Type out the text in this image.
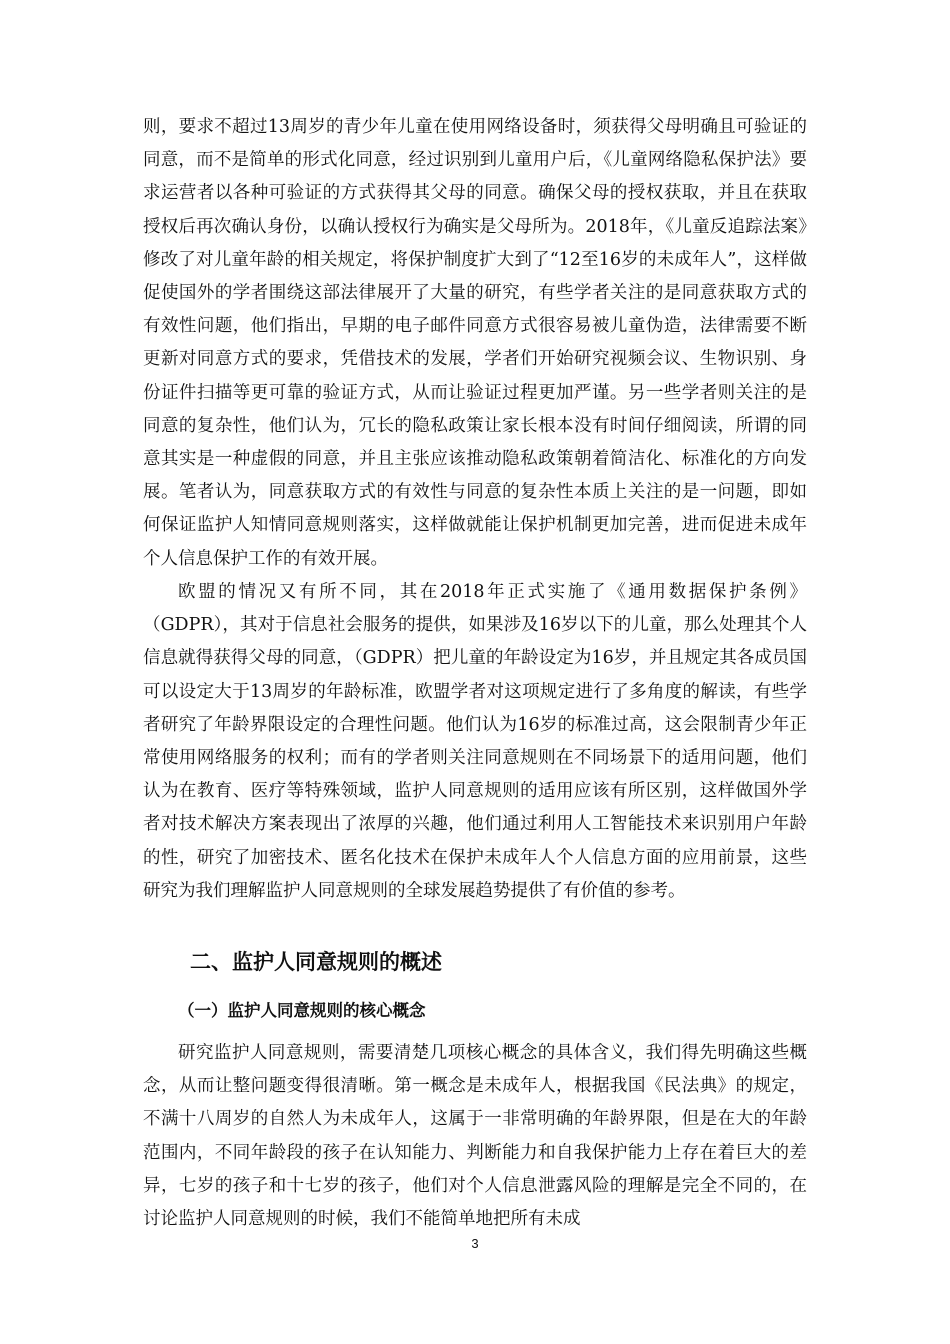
则，要求不超过13周岁的青少年儿童在使用网络设备时，须获得父母明确且可验证的同意，而不是简单的形式化同意，经过识别到儿童用户后，《儿童网络隐私保护法》要求运营者以各种可验证的方式获得其父母的同意。确保父母的授权获取，并且在获取授权后再次确认身份，以确认授权行为确实是父母所为。2018年，《儿童反追踪法案》修改了对儿童年龄的相关规定，将保护制度扩大到了“12至16岁的未成年人”，这样做促使国外的学者围绕这部法律展开了大量的研究，有些学者关注的是同意获取方式的有效性问题，他们指出，早期的电子邮件同意方式很容易被儿童伪造，法律需要不断更新对同意方式的要求，凭借技术的发展，学者们开始研究视频会议、生物识别、身份证件扫描等更可靠的验证方式，从而让验证过程更加严谨。另一些学者则关注的是同意的复杂性，他们认为，冗长的隐私政策让家长根本没有时间仔细阅读，所谓的同意其实是一种虚假的同意，并且主张应该推动隐私政策朝着简洁化、标准化的方向发展。笔者认为，同意获取方式的有效性与同意的复杂性本质上关注的是一问题，即如何保证监护人知情同意规则落实，这样做就能让保护机制更加完善，进而促进未成年个人信息保护工作的有效开展。

欧盟的情况又有所不同，其在2018年正式实施了《通用数据保护条例》（GDPR），其对于信息社会服务的提供，如果涉及16岁以下的儿童，那么处理其个人信息就得获得父母的同意，（GDPR）把儿童的年龄设定为16岁，并且规定其各成员国可以设定大于13周岁的年龄标准，欧盟学者对这项规定进行了多角度的解读，有些学者研究了年龄界限设定的合理性问题。他们认为16岁的标准过高，这会限制青少年正常使用网络服务的权利；而有的学者则关注同意规则在不同场景下的适用问题，他们认为在教育、医疗等特殊领域，监护人同意规则的适用应该有所区别，这样做国外学者对技术解决方案表现出了浓厚的兴趣，他们通过利用人工智能技术来识别用户年龄的性，研究了加密技术、匿名化技术在保护未成年人个人信息方面的应用前景，这些研究为我们理解监护人同意规则的全球发展趋势提供了有价值的参考。

二、监护人同意规则的概述
（一）监护人同意规则的核心概念

研究监护人同意规则，需要清楚几项核心概念的具体含义，我们得先明确这些概念，从而让整问题变得很清晰。第一概念是未成年人，根据我国《民法典》的规定，不满十八周岁的自然人为未成年人，这属于一非常明确的年龄界限，但是在大的年龄范围内，不同年龄段的孩子在认知能力、判断能力和自我保护能力上存在着巨大的差异，七岁的孩子和十七岁的孩子，他们对个人信息泄露风险的理解是完全不同的，在讨论监护人同意规则的时候，我们不能简单地把所有未成

3
